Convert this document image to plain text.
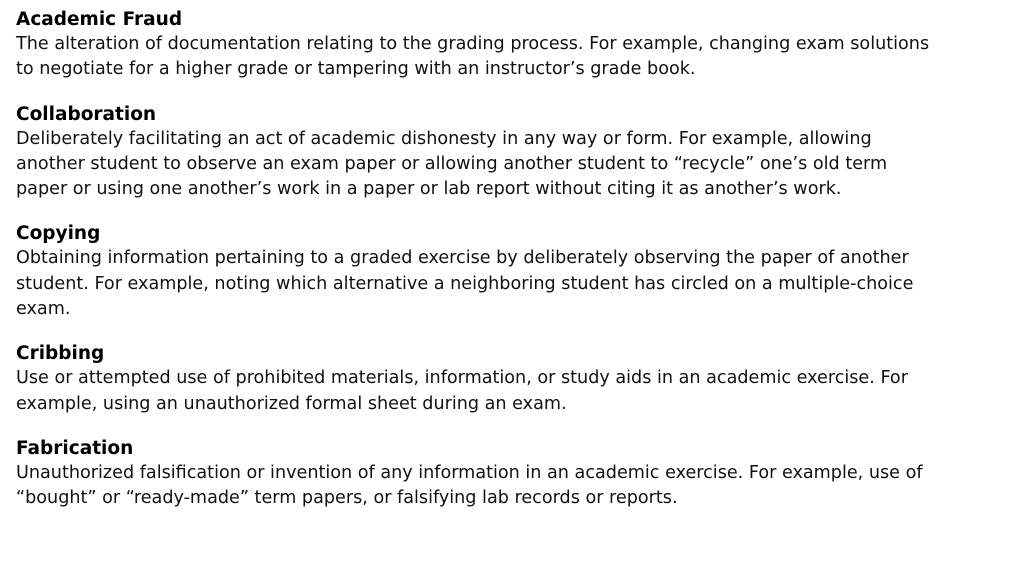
Academic Fraud

The alteration of documentation relating to the grading process. For example, changing exam solutions
to negotiate for a higher grade or tampering with an instructor’s grade book.

Collaboration

Deliberately facilitating an act of academic dishonesty in any way or form. For example, allowing
another student to observe an exam paper or allowing another student to “recycle” one’s old term
paper or using one another’s work in a paper or lab report without citing it as another’s work.

Copying

Obtaining information pertaining to a graded exercise by deliberately observing the paper of another
student. For example, noting which alternative a neighboring student has circled on a multiple-choice
exam.

Cribbing

Use or attempted use of prohibited materials, information, or study aids in an academic exercise. For
example, using an unauthorized formal sheet during an exam.

Fabrication

Unauthorized falsification or invention of any information in an academic exercise. For example, use of
“bought” or “ready-made” term papers, or falsifying lab records or reports.
